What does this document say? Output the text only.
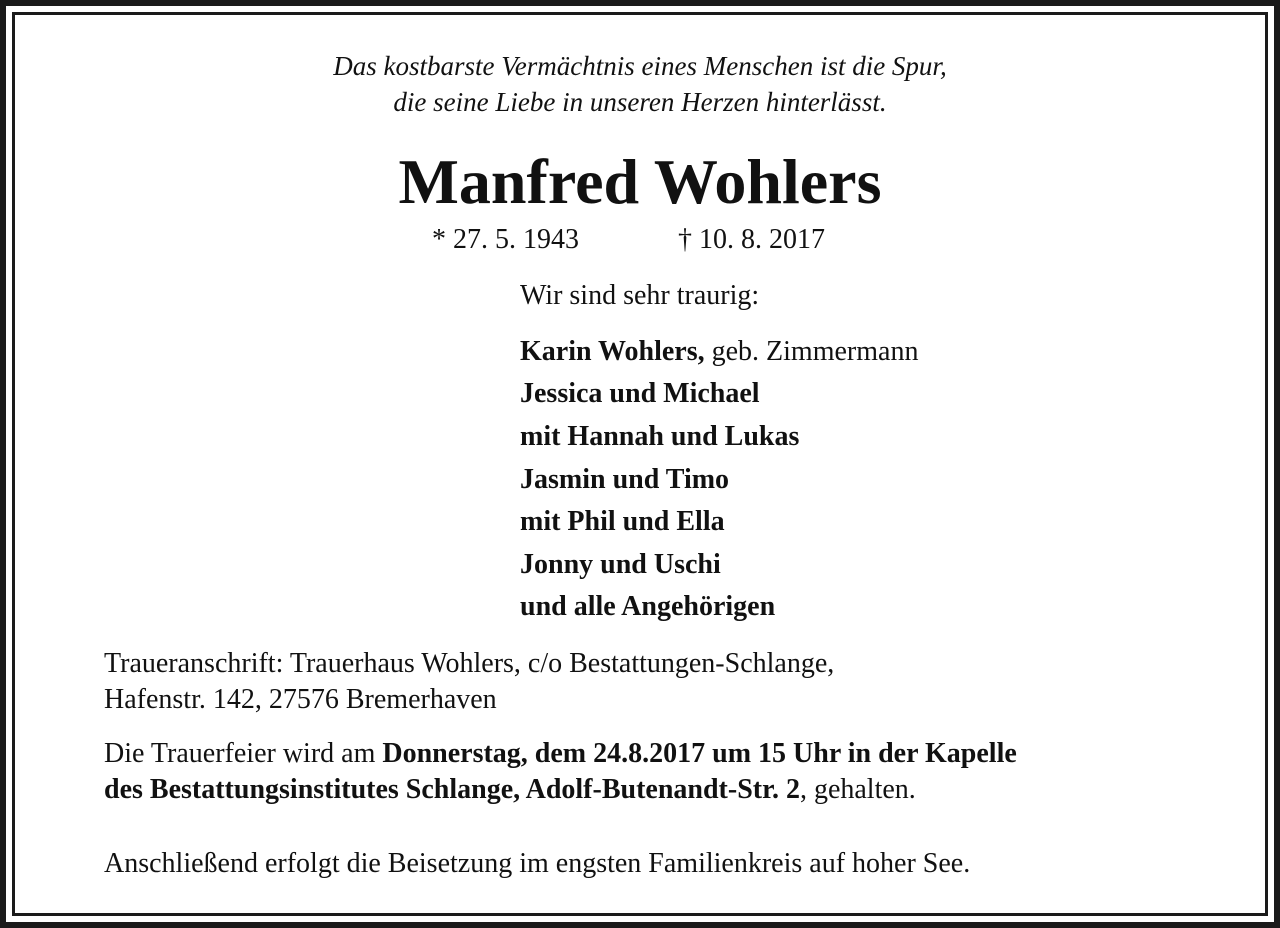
Das kostbarste Vermächtnis eines Menschen ist die Spur,
die seine Liebe in unseren Herzen hinterlässt.
Manfred Wohlers
* 27. 5. 1943	† 10. 8. 2017
Wir sind sehr traurig:
Karin Wohlers, geb. Zimmermann
Jessica und Michael
mit Hannah und Lukas
Jasmin und Timo
mit Phil und Ella
Jonny und Uschi
und alle Angehörigen
Traueranschrift: Trauerhaus Wohlers, c/o Bestattungen-Schlange,
Hafenstr. 142, 27576 Bremerhaven
Die Trauerfeier wird am Donnerstag, dem 24.8.2017 um 15 Uhr in der Kapelle
des Bestattungsinstitutes Schlange, Adolf-Butenandt-Str. 2, gehalten.
Anschließend erfolgt die Beisetzung im engsten Familienkreis auf hoher See.
